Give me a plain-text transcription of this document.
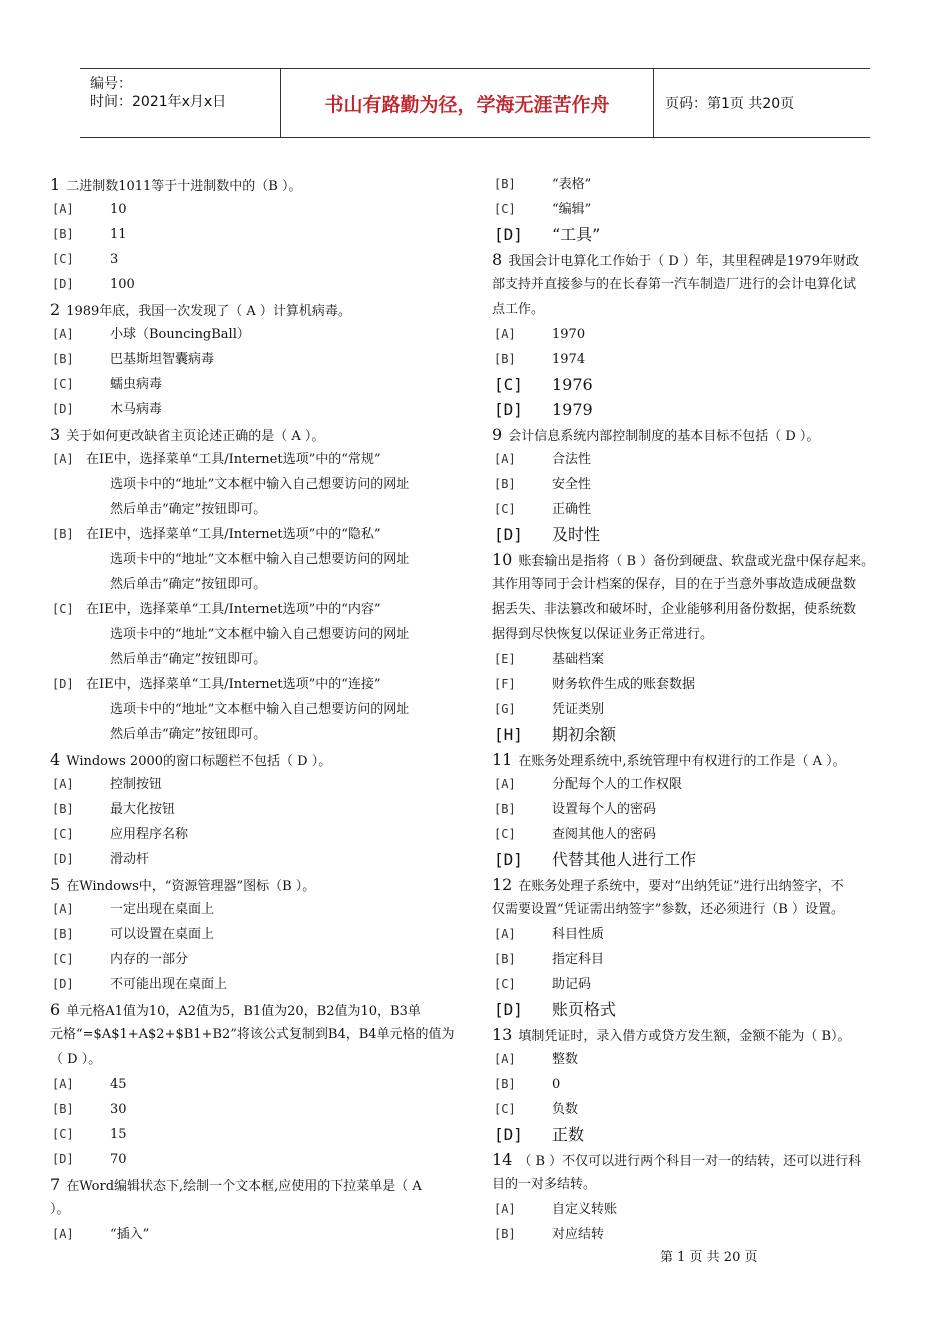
编号：
时间：2021年x月x日	书山有路勤为径，学海无涯苦作舟	页码：第1页 共20页
1 二进制数1011等于十进制数中的（B ）。
[A]	10
[B]	11
[C]	3
[D]	100
2 1989年底，我国一次发现了（ A ）计算机病毒。
[A]	小球（BouncingBall）
[B]	巴基斯坦智囊病毒
[C]	蠕虫病毒
[D]	木马病毒
3 关于如何更改缺省主页论述正确的是（ A ）。
[A] 在IE中，选择菜单“工具/Internet选项”中的“常规”
选项卡中的“地址”文本框中输入自己想要访问的网址
然后单击“确定”按钮即可。
[B] 在IE中，选择菜单“工具/Internet选项”中的“隐私”
选项卡中的“地址”文本框中输入自己想要访问的网址
然后单击“确定”按钮即可。
[C] 在IE中，选择菜单“工具/Internet选项”中的“内容”
选项卡中的“地址”文本框中输入自己想要访问的网址
然后单击“确定”按钮即可。
[D] 在IE中，选择菜单“工具/Internet选项”中的“连接”
选项卡中的“地址”文本框中输入自己想要访问的网址
然后单击“确定”按钮即可。
4 Windows 2000的窗口标题栏不包括（ D ）。
[A]	控制按钮
[B]	最大化按钮
[C]	应用程序名称
[D]	滑动杆
5 在Windows中，“资源管理器”图标（B ）。
[A]	一定出现在桌面上
[B]	可以设置在桌面上
[C]	内存的一部分
[D]	不可能出现在桌面上
6 单元格A1值为10，A2值为5，B1值为20，B2值为10，B3单
元格“=$A$1+A$2+$B1+B2”将该公式复制到B4，B4单元格的值为
（ D ）。
[A]	45
[B]	30
[C]	15
[D]	70
7 在Word编辑状态下,绘制一个文本框,应使用的下拉菜单是（ A
）。
[A]	“插入”
[B]	“表格”
[C]	“编辑”
[D] “工具”
8 我国会计电算化工作始于（ D ）年，其里程碑是1979年财政
部支持并直接参与的在长春第一汽车制造厂进行的会计电算化试
点工作。
[A]	1970
[B]	1974
[C] 1976
[D] 1979
9 会计信息系统内部控制制度的基本目标不包括（ D ）。
[A]	合法性
[B]	安全性
[C]	正确性
[D] 及时性
10 账套输出是指将（ B ）备份到硬盘、软盘或光盘中保存起来。
其作用等同于会计档案的保存，目的在于当意外事故造成硬盘数
据丢失、非法篡改和破坏时，企业能够利用备份数据，使系统数
据得到尽快恢复以保证业务正常进行。
[E]	基础档案
[F]	财务软件生成的账套数据
[G]	凭证类别
[H] 期初余额
11 在账务处理系统中,系统管理中有权进行的工作是（ A ）。
[A]	分配每个人的工作权限
[B]	设置每个人的密码
[C]	查阅其他人的密码
[D] 代替其他人进行工作
12 在账务处理子系统中，要对“出纳凭证”进行出纳签字，不
仅需要设置“凭证需出纳签字”参数，还必须进行（B ）设置。
[A]	科目性质
[B]	指定科目
[C]	助记码
[D] 账页格式
13 填制凭证时，录入借方或贷方发生额，金额不能为（ B）。
[A]	整数
[B]	0
[C]	负数
[D] 正数
14 （ B ）不仅可以进行两个科目一对一的结转，还可以进行科
目的一对多结转。
[A]	自定义转账
[B]	对应结转
第 1 页 共 20 页
